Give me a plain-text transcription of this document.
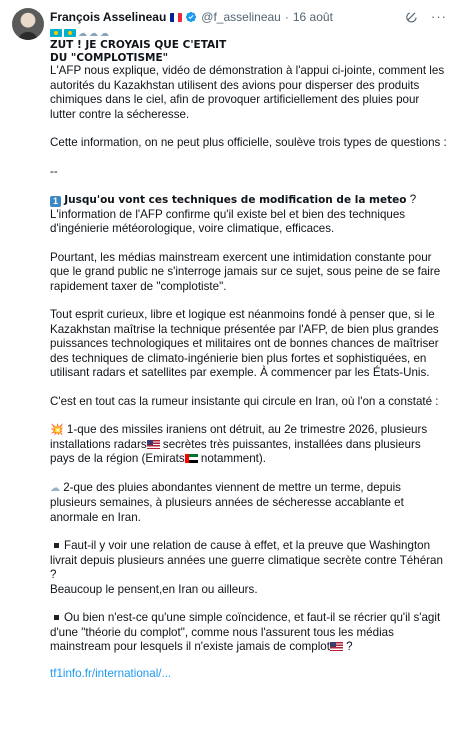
François Asselineau	@f_asselineau · 16 août	···
☁ ☁ ☁

ZUT ! JE CROYAIS QUE C'ETAIT

DU "COMPLOTISME"

L'AFP nous explique, vidéo de démonstration à l'appui ci-jointe, comment les autorités du Kazakhstan utilisent des avions pour disperser des produits chimiques dans le ciel, afin de provoquer artificiellement des pluies pour lutter contre la sécheresse.

Cette information, on ne peut plus officielle, soulève trois types de questions :

--

1 Jusqu'ou vont ces techniques de modification de la meteo ?

L'information de l'AFP confirme qu'il existe bel et bien des techniques d'ingénierie météorologique, voire climatique, efficaces.

Pourtant, les médias mainstream exercent une intimidation constante pour que le grand public ne s'interroge jamais sur ce sujet, sous peine de se faire rapidement taxer de "complotiste".

Tout esprit curieux, libre et logique est néanmoins fondé à penser que, si le Kazakhstan maîtrise la technique présentée par l'AFP, de bien plus grandes puissances technologiques et militaires ont de bonnes chances de maîtriser des techniques de climato-ingénierie bien plus fortes et sophistiquées, en utilisant radars et satellites par exemple. À commencer par les États-Unis.

C'est en tout cas la rumeur insistante qui circule en Iran, où l'on a constaté :

💥 1-que des missiles iraniens ont détruit, au 2e trimestre 2026, plusieurs installations radars secrètes très puissantes, installées dans plusieurs pays de la région (Emirats notamment).

☁ 2-que des pluies abondantes viennent de mettre un terme, depuis plusieurs semaines, à plusieurs années de sécheresse accablante et anormale en Iran.

Faut-il y voir une relation de cause à effet, et la preuve que Washington livrait depuis plusieurs années une guerre climatique secrète contre Téhéran ?

Beaucoup le pensent,en Iran ou ailleurs.

Ou bien n'est-ce qu'une simple coïncidence, et faut-il se récrier qu'il s'agit d'une "théorie du complot", comme nous l'assurent tous les médias mainstream pour lesquels il n'existe jamais de complot ?

tf1info.fr/international/...
